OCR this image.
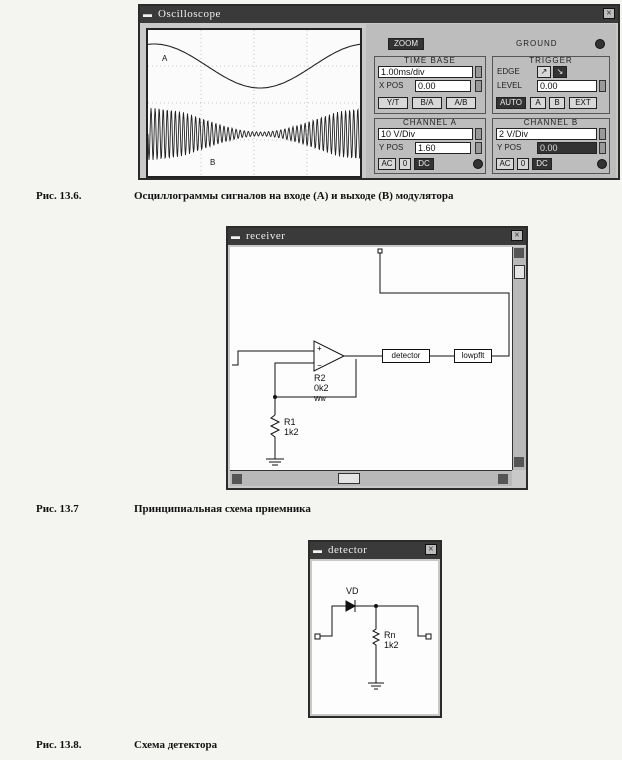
▬ Oscilloscope	×
A
B
ZOOM	GROUND
TIME BASE
1.00ms/div
X POS	0.00
Y/T	B/A	A/B
TRIGGER
EDGE	↗	↘
LEVEL	0.00
AUTO	A	B	EXT
CHANNEL A
10 V/Div
Y POS	1.60
AC	0	DC
CHANNEL B
2 V/Div
Y POS	0.00
AC	0	DC
Рис. 13.6.	Осциллограммы сигналов на входе (А) и выходе (В) модулятора
▬ receiver	×
+
−
Ww
detector	lowpflt
R2
0k2
R1
1k2
Рис. 13.7	Принципиальная схема приемника
▬ detector	×
VD
Rn
1k2
Рис. 13.8.	Схема детектора
